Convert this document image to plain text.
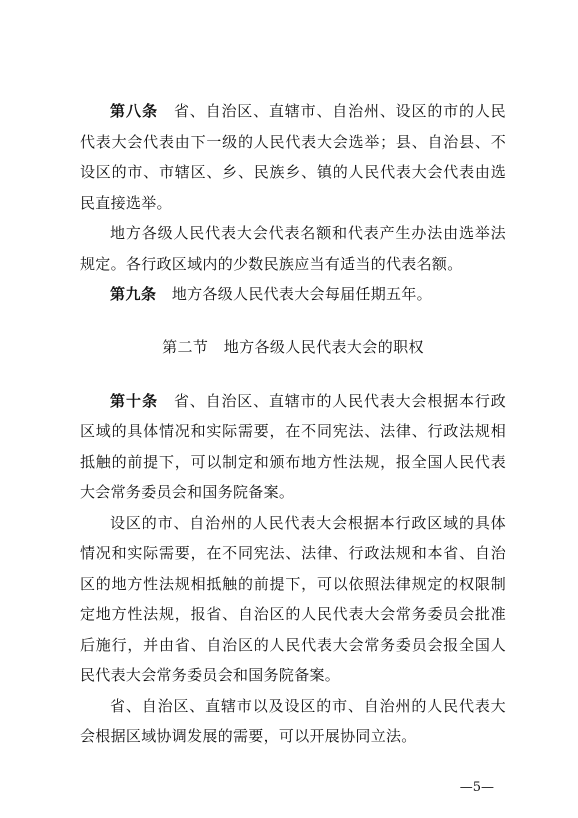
第八条　 省、自治区、直辖市、自治州、设区的市的人民代表大会代表由下一级的人民代表大会选举；县、自治县、不设区的市、市辖区、乡、民族乡、镇的人民代表大会代表由选民直接选举。

地方各级人民代表大会代表名额和代表产生办法由选举法规定。各行政区域内的少数民族应当有适当的代表名额。

第九条　 地方各级人民代表大会每届任期五年。

第二节　地方各级人民代表大会的职权

第十条　 省、自治区、直辖市的人民代表大会根据本行政区域的具体情况和实际需要，在不同宪法、法律、行政法规相抵触的前提下，可以制定和颁布地方性法规，报全国人民代表大会常务委员会和国务院备案。

设区的市、自治州的人民代表大会根据本行政区域的具体情况和实际需要，在不同宪法、法律、行政法规和本省、自治区的地方性法规相抵触的前提下，可以依照法律规定的权限制定地方性法规，报省、自治区的人民代表大会常务委员会批准后施行，并由省、自治区的人民代表大会常务委员会报全国人民代表大会常务委员会和国务院备案。

省、自治区、直辖市以及设区的市、自治州的人民代表大会根据区域协调发展的需要，可以开展协同立法。

—5—
